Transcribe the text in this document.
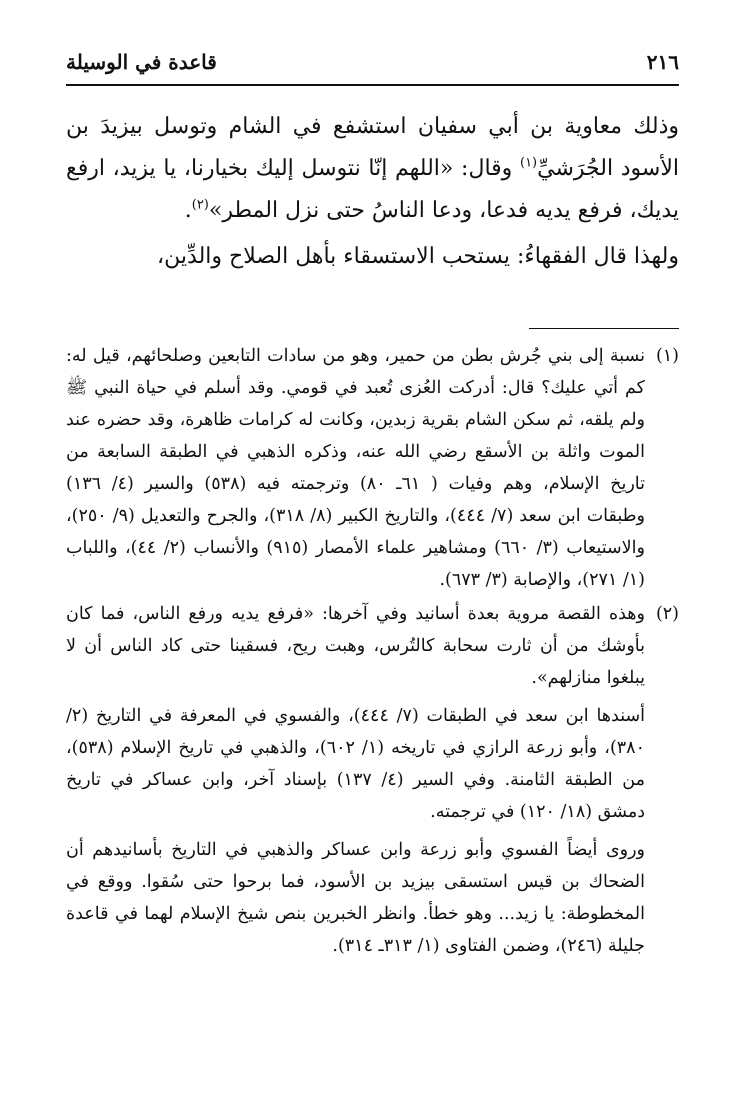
٢١٦
قاعدة في الوسيلة

وذلك معاوية بن أبي سفيان استشفع في الشام وتوسل بيزيدَ بن الأسود الجُرَشيِّ$^{(١)}$ وقال: «اللهم إنّا نتوسل إليك بخيارنا، يا يزيد، ارفع يديك، فرفع يديه فدعا، ودعا الناسُ حتى نزل المطر»$^{(٢)}$.

ولهذا قال الفقهاءُ: يستحب الاستسقاء بأهل الصلاح والدِّين،

(١)

نسبة إلى بني جُرش بطن من حمير، وهو من سادات التابعين وصلحائهم، قيل له: كم أتي عليك؟ قال: أدركت العُزى تُعبد في قومي. وقد أسلم في حياة النبي ﷺ ولم يلقه، ثم سكن الشام بقرية زبدين، وكانت له كرامات ظاهرة، وقد حضره عند الموت واثلة بن الأسقع رضي الله عنه، وذكره الذهبي في الطبقة السابعة من تاريخ الإسلام، وهم وفيات ( ٦١ـ ٨٠) وترجمته فيه (٥٣٨) والسير (٤/ ١٣٦) وطبقات ابن سعد (٧/ ٤٤٤)، والتاريخ الكبير (٨/ ٣١٨)، والجرح والتعديل (٩/ ٢٥٠)، والاستيعاب (٣/ ٦٦٠) ومشاهير علماء الأمصار (٩١٥) والأنساب (٢/ ٤٤)، واللباب (١/ ٢٧١)، والإصابة (٣/ ٦٧٣).

(٢)

وهذه القصة مروية بعدة أسانيد وفي آخرها: «فرفع يديه ورفع الناس، فما كان بأوشك من أن ثارت سحابة كالتُرس، وهبت ريح، فسقينا حتى كاد الناس أن لا يبلغوا منازلهم».

أسندها ابن سعد في الطبقات (٧/ ٤٤٤)، والفسوي في المعرفة في التاريخ (٢/ ٣٨٠)، وأبو زرعة الرازي في تاريخه (١/ ٦٠٢)، والذهبي في تاريخ الإسلام (٥٣٨)، من الطبقة الثامنة. وفي السير (٤/ ١٣٧) بإسناد آخر، وابن عساكر في تاريخ دمشق (١٨/ ١٢٠) في ترجمته.

وروى أيضاً الفسوي وأبو زرعة وابن عساكر والذهبي في التاريخ بأسانيدهم أن الضحاك بن قيس استسقى بيزيد بن الأسود، فما برحوا حتى سُقوا. ووقع في المخطوطة: يا زيد... وهو خطأ. وانظر الخبرين بنص شيخ الإسلام لهما في قاعدة جليلة (٢٤٦)، وضمن الفتاوى (١/ ٣١٣ـ ٣١٤).
